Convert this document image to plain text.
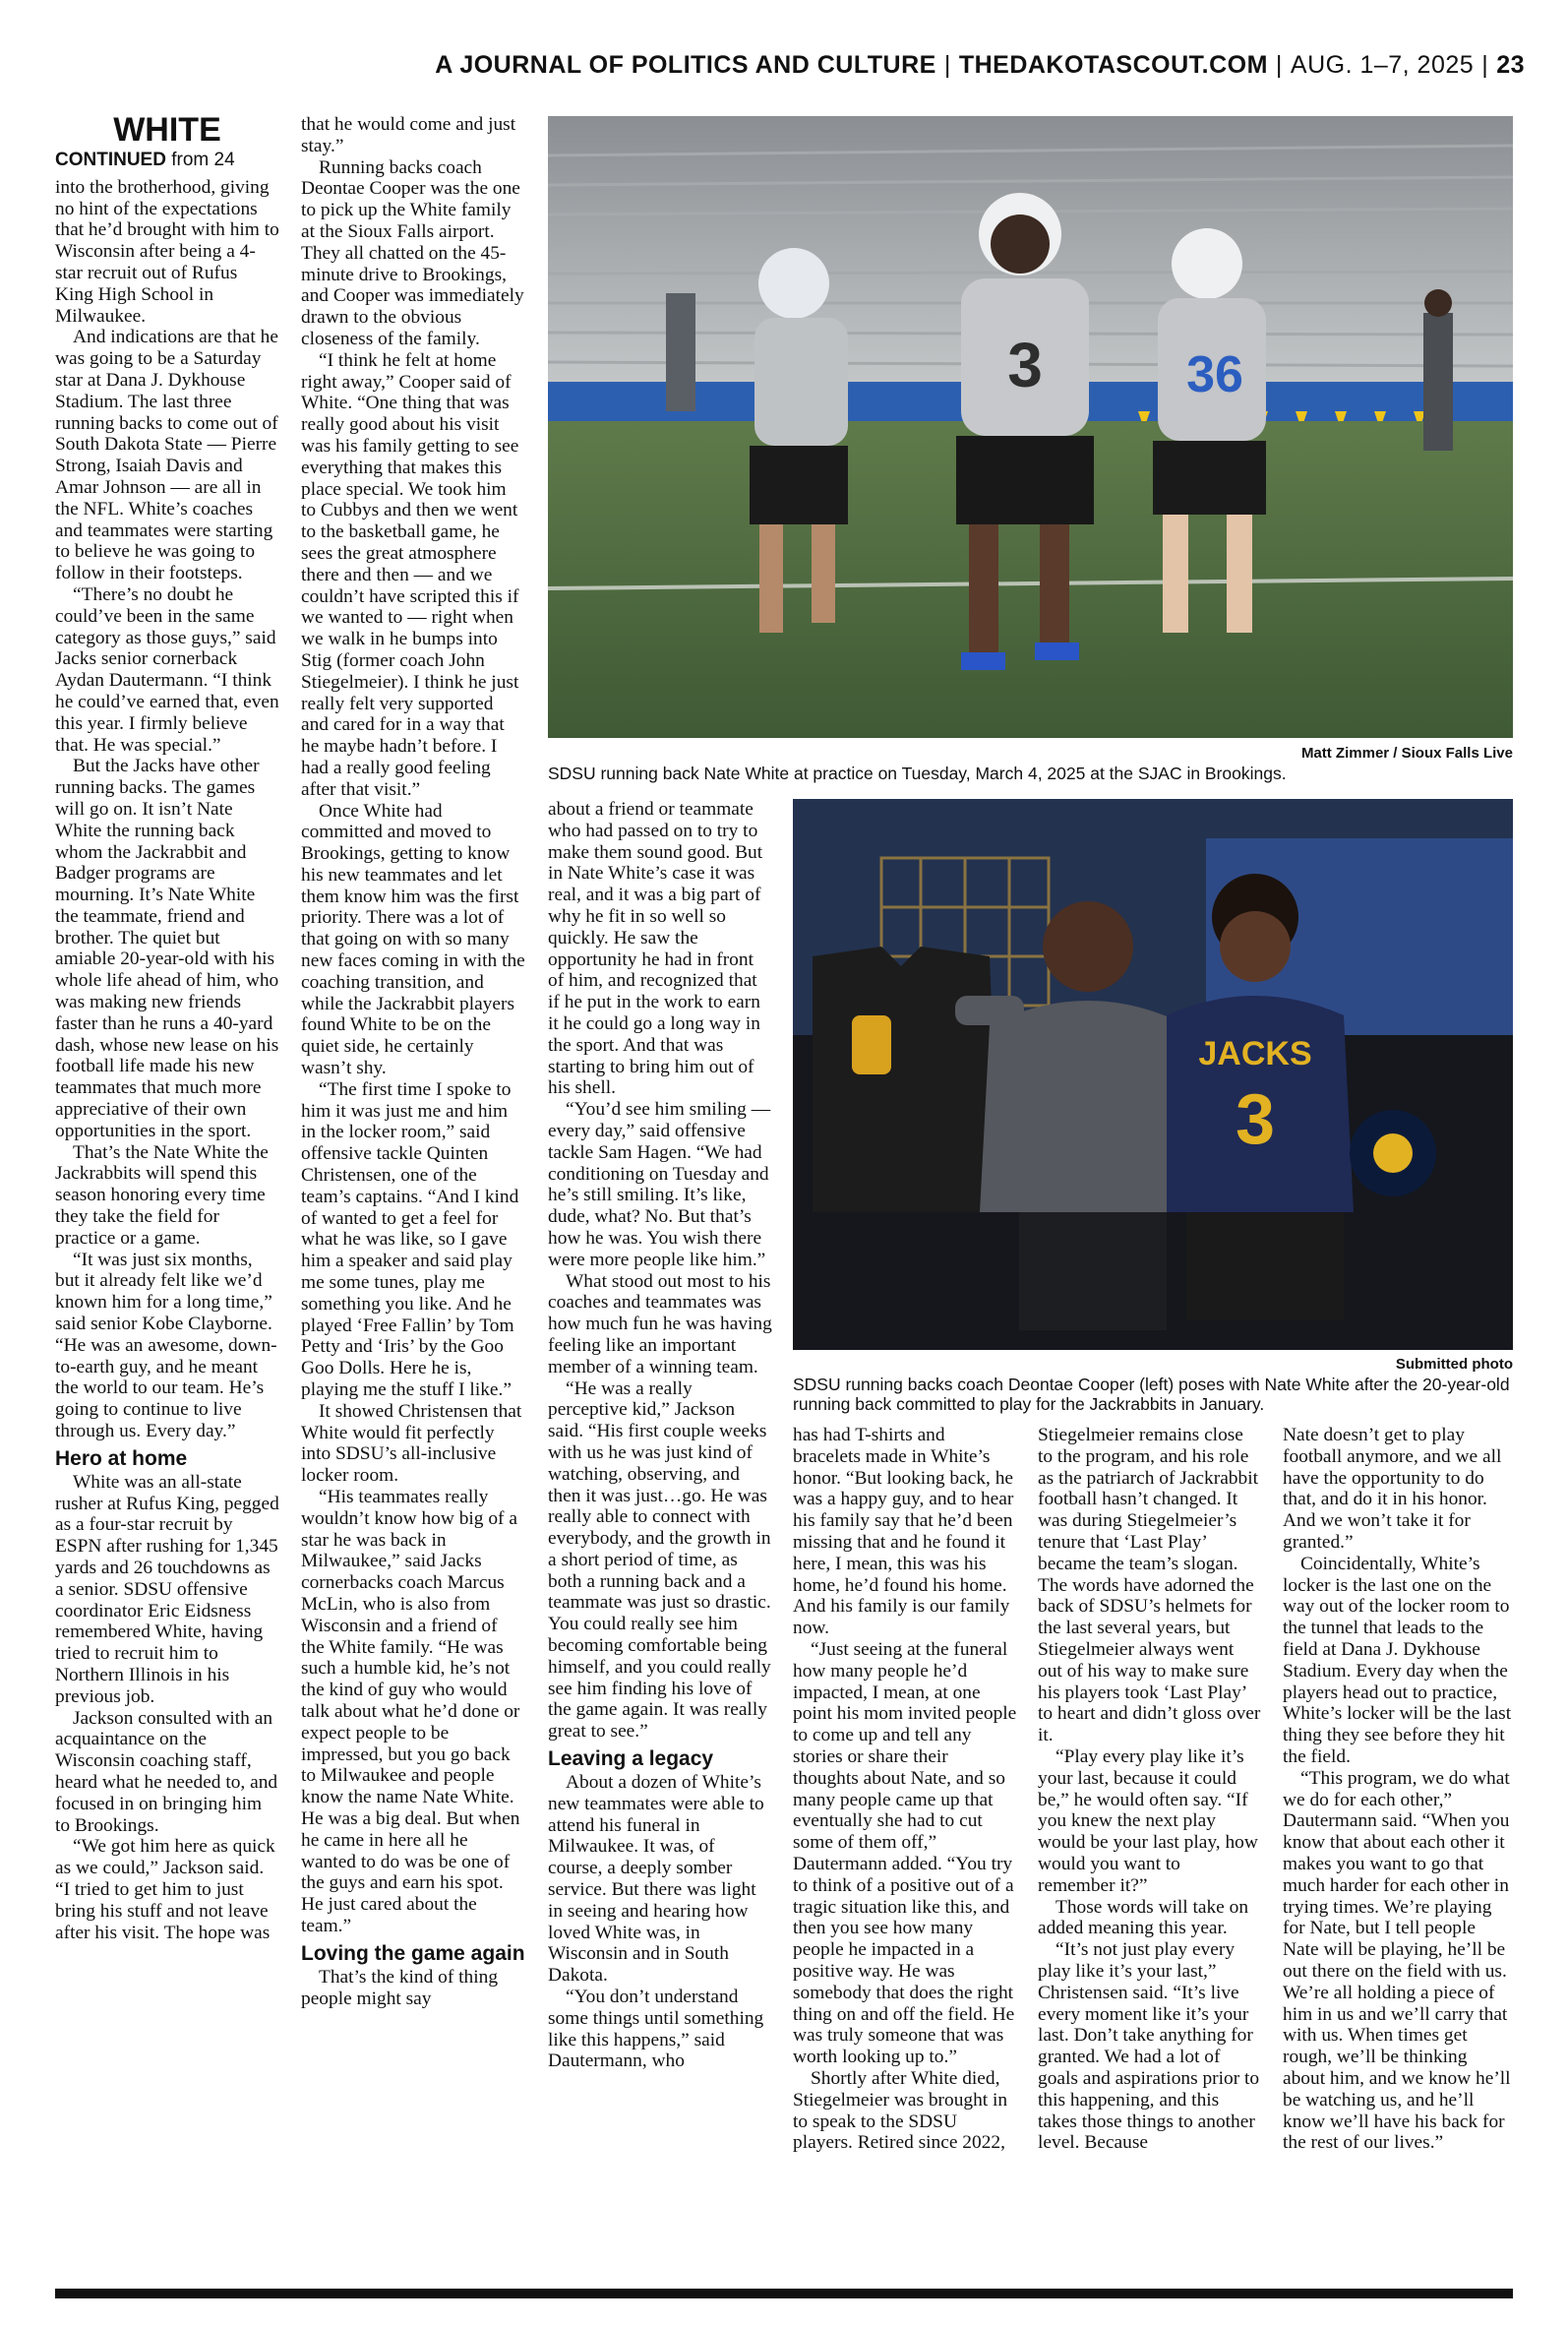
A JOURNAL OF POLITICS AND CULTURE | THEDAKOTASCOUT.COM | AUG. 1–7, 2025 | 23
WHITE
CONTINUED from 24

into the brotherhood, giving no hint of the expectations that he’d brought with him to Wisconsin after being a 4-star recruit out of Rufus King High School in Milwaukee.

And indications are that he was going to be a Saturday star at Dana J. Dykhouse Stadium. The last three running backs to come out of South Dakota State — Pierre Strong, Isaiah Davis and Amar Johnson — are all in the NFL. White’s coaches and teammates were starting to believe he was going to follow in their footsteps.

“There’s no doubt he could’ve been in the same category as those guys,” said Jacks senior cornerback Aydan Dautermann. “I think he could’ve earned that, even this year. I firmly believe that. He was special.”

But the Jacks have other running backs. The games will go on. It isn’t Nate White the running back whom the Jackrabbit and Badger programs are mourning. It’s Nate White the teammate, friend and brother. The quiet but amiable 20-year-old with his whole life ahead of him, who was making new friends faster than he runs a 40-yard dash, whose new lease on his football life made his new teammates that much more appreciative of their own opportunities in the sport.

That’s the Nate White the Jackrabbits will spend this season honoring every time they take the field for practice or a game.

“It was just six months, but it already felt like we’d known him for a long time,” said senior Kobe Clayborne. “He was an awesome, down-to-earth guy, and he meant the world to our team. He’s going to continue to live through us. Every day.”

Hero at home

White was an all-state rusher at Rufus King, pegged as a four-star recruit by ESPN after rushing for 1,345 yards and 26 touchdowns as a senior. SDSU offensive coordinator Eric Eidsness remembered White, having tried to recruit him to Northern Illinois in his previous job.

Jackson consulted with an acquaintance on the Wisconsin coaching staff, heard what he needed to, and focused in on bringing him to Brookings.

“We got him here as quick as we could,” Jackson said. “I tried to get him to just bring his stuff and not leave after his visit. The hope was

that he would come and just stay.”

Running backs coach Deontae Cooper was the one to pick up the White family at the Sioux Falls airport. They all chatted on the 45-minute drive to Brookings, and Cooper was immediately drawn to the obvious closeness of the family.

“I think he felt at home right away,” Cooper said of White. “One thing that was really good about his visit was his family getting to see everything that makes this place special. We took him to Cubbys and then we went to the basketball game, he sees the great atmosphere there and then — and we couldn’t have scripted this if we wanted to — right when we walk in he bumps into Stig (former coach John Stiegelmeier). I think he just really felt very supported and cared for in a way that he maybe hadn’t before. I had a really good feeling after that visit.”

Once White had committed and moved to Brookings, getting to know his new teammates and let them know him was the first priority. There was a lot of that going on with so many new faces coming in with the coaching transition, and while the Jackrabbit players found White to be on the quiet side, he certainly wasn’t shy.

“The first time I spoke to him it was just me and him in the locker room,” said offensive tackle Quinten Christensen, one of the team’s captains. “And I kind of wanted to get a feel for what he was like, so I gave him a speaker and said play me some tunes, play me something you like. And he played ‘Free Fallin’ by Tom Petty and ‘Iris’ by the Goo Goo Dolls. Here he is, playing me the stuff I like.”

It showed Christensen that White would fit perfectly into SDSU’s all-inclusive locker room.

“His teammates really wouldn’t know how big of a star he was back in Milwaukee,” said Jacks cornerbacks coach Marcus McLin, who is also from Wisconsin and a friend of the White family. “He was such a humble kid, he’s not the kind of guy who would talk about what he’d done or expect people to be impressed, but you go back to Milwaukee and people know the name Nate White. He was a big deal. But when he came in here all he wanted to do was be one of the guys and earn his spot. He just cared about the team.”

Loving the game again

That’s the kind of thing people might say

3	36
Matt Zimmer / Sioux Falls Live
SDSU running back Nate White at practice on Tuesday, March 4, 2025 at the SJAC in Brookings.

about a friend or teammate who had passed on to try to make them sound good. But in Nate White’s case it was real, and it was a big part of why he fit in so well so quickly. He saw the opportunity he had in front of him, and recognized that if he put in the work to earn it he could go a long way in the sport. And that was starting to bring him out of his shell.

“You’d see him smiling — every day,” said offensive tackle Sam Hagen. “We had conditioning on Tuesday and he’s still smiling. It’s like, dude, what? No. But that’s how he was. You wish there were more people like him.”

What stood out most to his coaches and teammates was how much fun he was having feeling like an important member of a winning team.

“He was a really perceptive kid,” Jackson said. “His first couple weeks with us he was just kind of watching, observing, and then it was just…go. He was really able to connect with everybody, and the growth in a short period of time, as both a running back and a teammate was just so drastic. You could really see him becoming comfortable being himself, and you could really see him finding his love of the game again. It was really great to see.”

Leaving a legacy

About a dozen of White’s new teammates were able to attend his funeral in Milwaukee. It was, of course, a deeply somber service. But there was light in seeing and hearing how loved White was, in Wisconsin and in South Dakota.

“You don’t understand some things until something like this happens,” said Dautermann, who

JACKS
3
Submitted photo
SDSU running backs coach Deontae Cooper (left) poses with Nate White after the 20-year-old running back committed to play for the Jackrabbits in January.

has had T-shirts and bracelets made in White’s honor. “But looking back, he was a happy guy, and to hear his family say that he’d been missing that and he found it here, I mean, this was his home, he’d found his home. And his family is our family now.

“Just seeing at the funeral how many people he’d impacted, I mean, at one point his mom invited people to come up and tell any stories or share their thoughts about Nate, and so many people came up that eventually she had to cut some of them off,” Dautermann added. “You try to think of a positive out of a tragic situation like this, and then you see how many people he impacted in a positive way. He was somebody that does the right thing on and off the field. He was truly someone that was worth looking up to.”

Shortly after White died, Stiegelmeier was brought in to speak to the SDSU players. Retired since 2022,

Stiegelmeier remains close to the program, and his role as the patriarch of Jackrabbit football hasn’t changed. It was during Stiegelmeier’s tenure that ‘Last Play’ became the team’s slogan. The words have adorned the back of SDSU’s helmets for the last several years, but Stiegelmeier always went out of his way to make sure his players took ‘Last Play’ to heart and didn’t gloss over it.

“Play every play like it’s your last, because it could be,” he would often say. “If you knew the next play would be your last play, how would you want to remember it?”

Those words will take on added meaning this year.

“It’s not just play every play like it’s your last,” Christensen said. “It’s live every moment like it’s your last. Don’t take anything for granted. We had a lot of goals and aspirations prior to this happening, and this takes those things to another level. Because

Nate doesn’t get to play football anymore, and we all have the opportunity to do that, and do it in his honor. And we won’t take it for granted.”

Coincidentally, White’s locker is the last one on the way out of the locker room to the tunnel that leads to the field at Dana J. Dykhouse Stadium. Every day when the players head out to practice, White’s locker will be the last thing they see before they hit the field.

“This program, we do what we do for each other,” Dautermann said. “When you know that about each other it makes you want to go that much harder for each other in trying times. We’re playing for Nate, but I tell people Nate will be playing, he’ll be out there on the field with us. We’re all holding a piece of him in us and we’ll carry that with us. When times get rough, we’ll be thinking about him, and we know he’ll be watching us, and he’ll know we’ll have his back for the rest of our lives.”
